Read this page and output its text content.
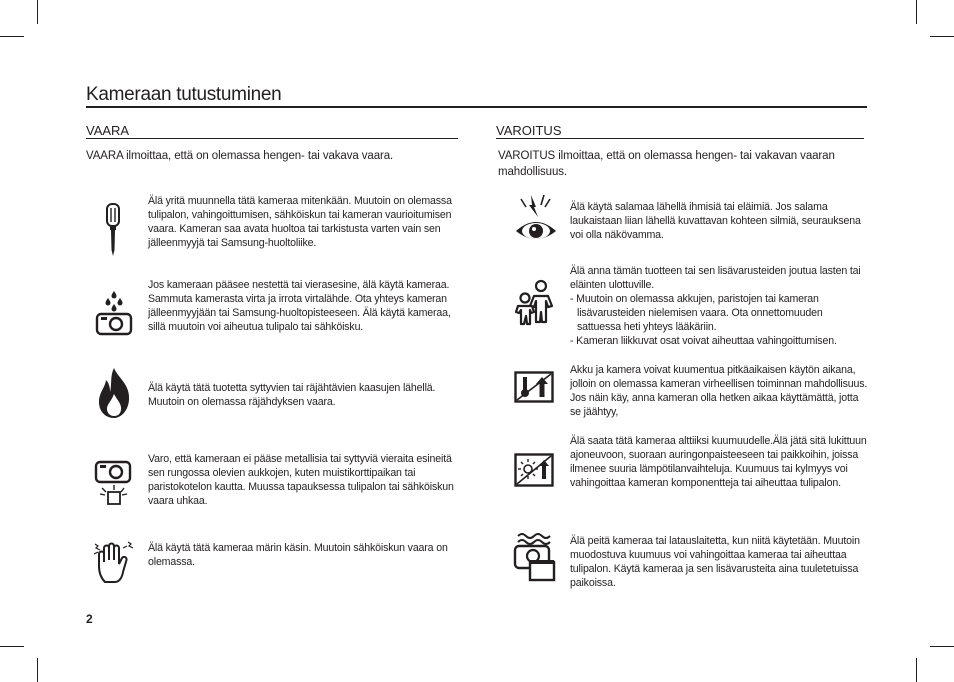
Kameraan tutustuminen
VAARA
VAARA ilmoittaa, että on olemassa hengen- tai vakava vaara.

Älä yritä muunnella tätä kameraa mitenkään. Muutoin on olemassa tulipalon, vahingoittumisen, sähköiskun tai kameran vaurioitumisen vaara. Kameran saa avata huoltoa tai tarkistusta varten vain sen jälleenmyyjä tai Samsung-huoltoliike.

Jos kameraan pääsee nestettä tai vierasesine, älä käytä kameraa. Sammuta kamerasta virta ja irrota virtalähde. Ota yhteys kameran jälleenmyyjään tai Samsung-huoltopisteeseen. Älä käytä kameraa, sillä muutoin voi aiheutua tulipalo tai sähköisku.

Älä käytä tätä tuotetta syttyvien tai räjähtävien kaasujen lähellä. Muutoin on olemassa räjähdyksen vaara.

Varo, että kameraan ei pääse metallisia tai syttyviä vieraita esineitä sen rungossa olevien aukkojen, kuten muistikorttipaikan tai paristokotelon kautta. Muussa tapauksessa tulipalon tai sähköiskun vaara uhkaa.

Älä käytä tätä kameraa märin käsin. Muutoin sähköiskun vaara on olemassa.

VAROITUS
VAROITUS ilmoittaa, että on olemassa hengen- tai vakavan vaaran mahdollisuus.

Älä käytä salamaa lähellä ihmisiä tai eläimiä. Jos salama laukaistaan liian lähellä kuvattavan kohteen silmiä, seurauksena voi olla näkövamma.

Älä anna tämän tuotteen tai sen lisävarusteiden joutua lasten tai eläinten ulottuville.

- Muutoin on olemassa akkujen, paristojen tai kameran lisävarusteiden nielemisen vaara. Ota onnettomuuden sattuessa heti yhteys lääkäriin.
- Kameran liikkuvat osat voivat aiheuttaa vahingoittumisen.

Akku ja kamera voivat kuumentua pitkäaikaisen käytön aikana, jolloin on olemassa kameran virheellisen toiminnan mahdollisuus. Jos näin käy, anna kameran olla hetken aikaa käyttämättä, jotta se jäähtyy,

Älä saata tätä kameraa alttiiksi kuumuudelle.Älä jätä sitä lukittuun ajoneuvoon, suoraan auringonpaisteeseen tai paikkoihin, joissa ilmenee suuria lämpötilanvaihteluja. Kuumuus tai kylmyys voi vahingoittaa kameran komponentteja tai aiheuttaa tulipalon.

Älä peitä kameraa tai latauslaitetta, kun niitä käytetään. Muutoin muodostuva kuumuus voi vahingoittaa kameraa tai aiheuttaa tulipalon. Käytä kameraa ja sen lisävarusteita aina tuuletetuissa paikoissa.

2
